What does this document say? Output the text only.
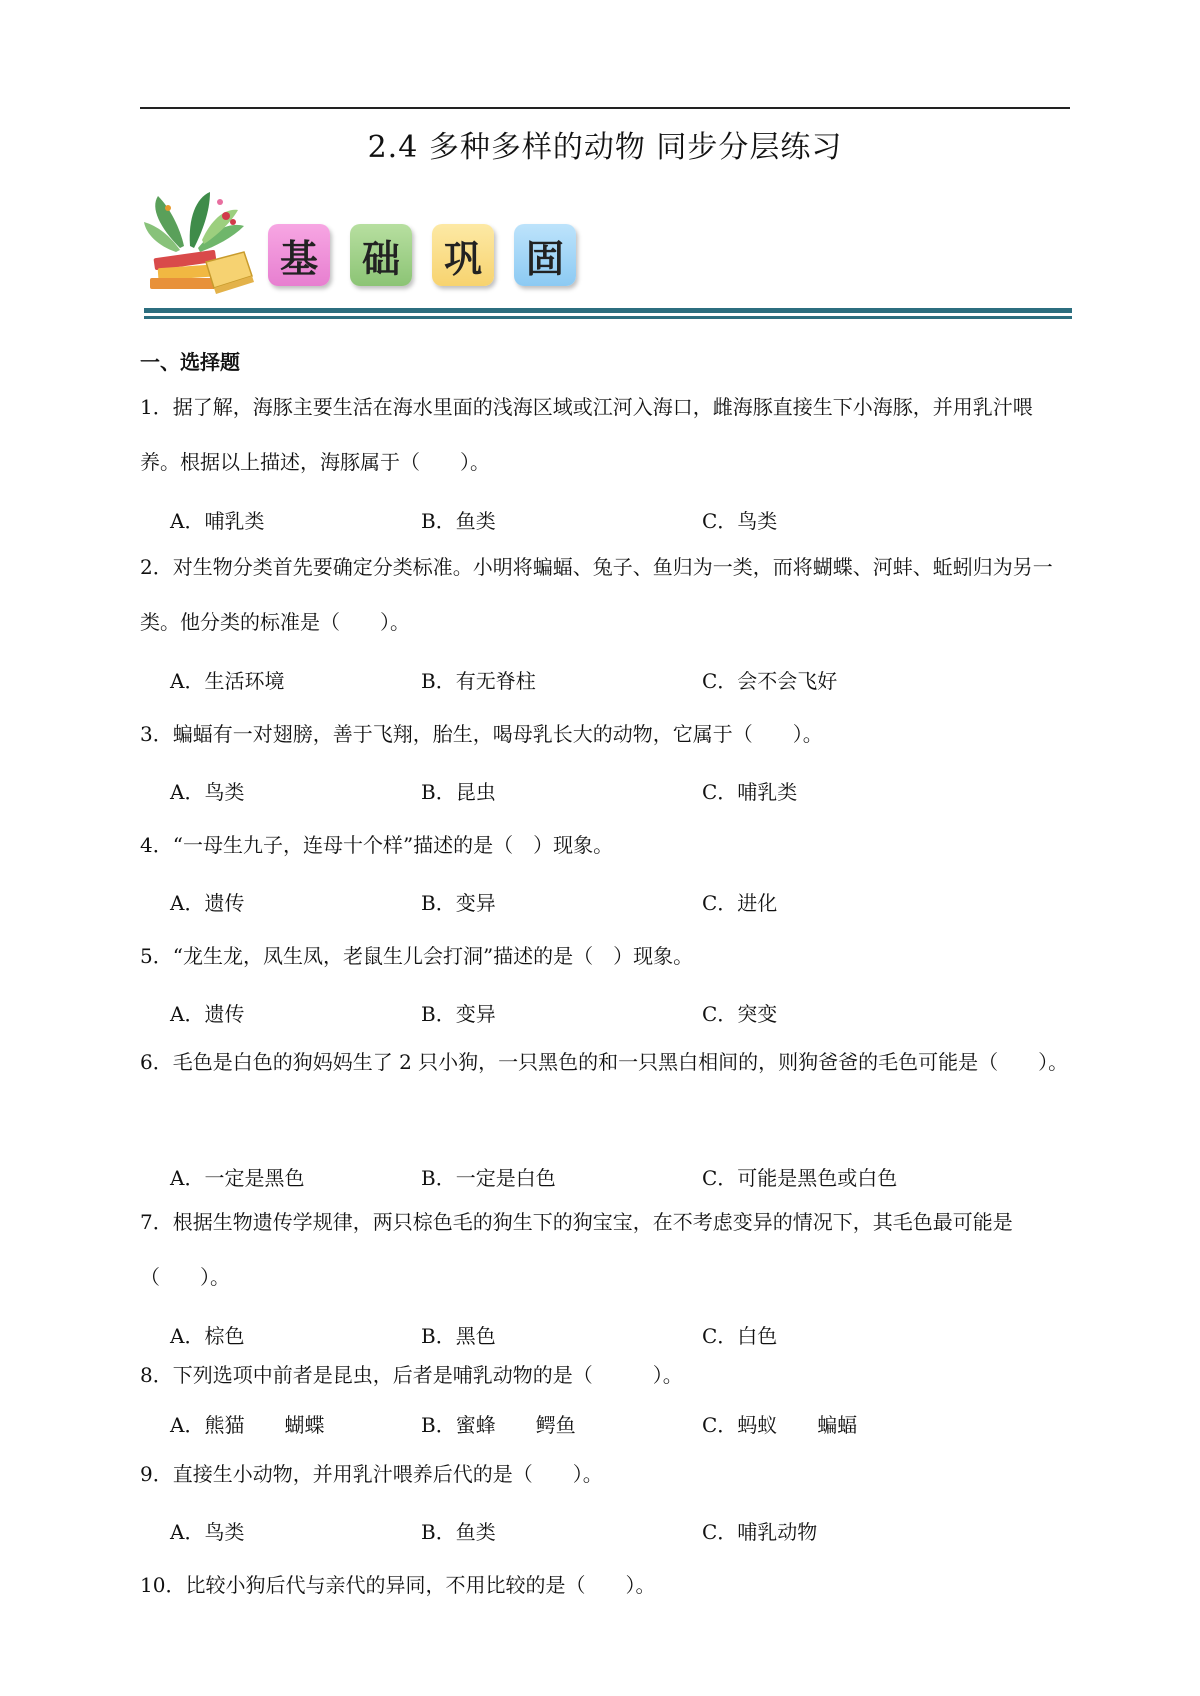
2.4 多种多样的动物 同步分层练习
基	础	巩	固
一、选择题
1．据了解，海豚主要生活在海水里面的浅海区域或江河入海口，雌海豚直接生下小海豚，并用乳汁喂养。根据以上描述，海豚属于（　　）。
A．哺乳类	B．鱼类	C．鸟类
2．对生物分类首先要确定分类标准。小明将蝙蝠、兔子、鱼归为一类，而将蝴蝶、河蚌、蚯蚓归为另一类。他分类的标准是（　　）。
A．生活环境	B．有无脊柱	C．会不会飞好
3．蝙蝠有一对翅膀，善于飞翔，胎生，喝母乳长大的动物，它属于（　　）。
A．鸟类	B．昆虫	C．哺乳类
4．“一母生九子，连母十个样”描述的是（　）现象。
A．遗传	B．变异	C．进化
5．“龙生龙，凤生凤，老鼠生儿会打洞”描述的是（　）现象。
A．遗传	B．变异	C．突变
6．毛色是白色的狗妈妈生了 2 只小狗，一只黑色的和一只黑白相间的，则狗爸爸的毛色可能是（　　）。
A．一定是黑色	B．一定是白色	C．可能是黑色或白色
7．根据生物遗传学规律，两只棕色毛的狗生下的狗宝宝，在不考虑变异的情况下，其毛色最可能是（　　）。
A．棕色	B．黑色	C．白色
8．下列选项中前者是昆虫，后者是哺乳动物的是（　　　）。
A．熊猫　　蝴蝶	B．蜜蜂　　鳄鱼	C．蚂蚁　　蝙蝠
9．直接生小动物，并用乳汁喂养后代的是（　　）。
A．鸟类	B．鱼类	C．哺乳动物
10．比较小狗后代与亲代的异同，不用比较的是（　　）。
